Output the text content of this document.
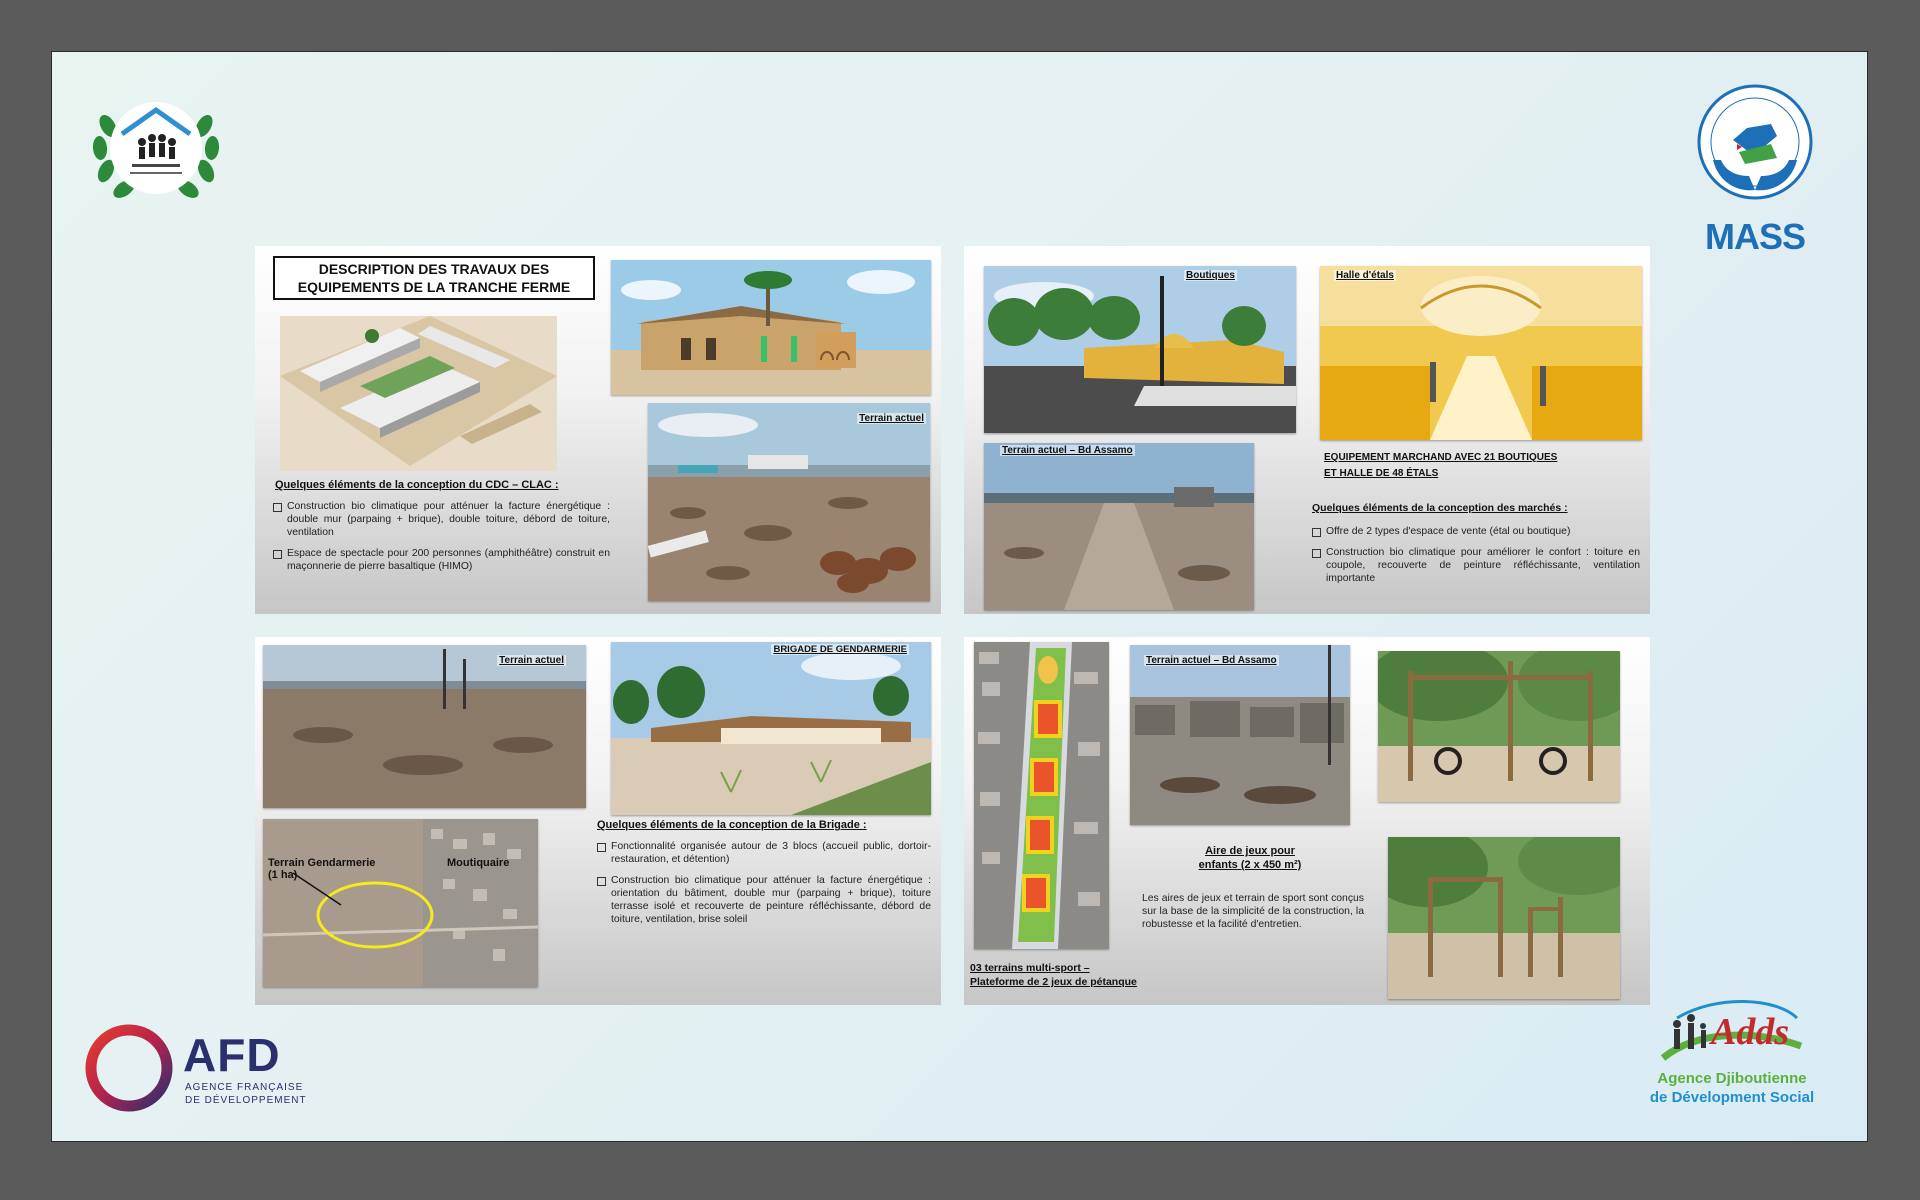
MASS
AFD
AGENCE FRANÇAISE
DE DÉVELOPPEMENT
Adds
Agence Djiboutienne
de Dévelopment Social
DESCRIPTION DES TRAVAUX DES
EQUIPEMENTS DE LA TRANCHE FERME
Terrain actuel
Quelques éléments de la conception du CDC – CLAC :
Construction bio climatique pour atténuer la facture énergétique : double mur (parpaing + brique), double toiture, débord de toiture, ventilation
Espace de spectacle pour 200 personnes (amphithéâtre) construit en maçonnerie de pierre basaltique (HIMO)
Boutiques	Halle d'étals
Terrain actuel – Bd Assamo
EQUIPEMENT MARCHAND AVEC 21 BOUTIQUES
ET HALLE DE 48 ÉTALS
Quelques éléments de la conception des marchés :
Offre de 2 types d'espace de vente (étal ou boutique)
Construction bio climatique pour améliorer le confort : toiture en coupole, recouverte de peinture réfléchissante, ventilation importante
Terrain actuel
BRIGADE DE GENDARMERIE
Terrain Gendarmerie
(1 ha)
Moutiquaire
Quelques éléments de la conception de la Brigade :
Fonctionnalité organisée autour de 3 blocs (accueil public, dortoir-restauration, et détention)
Construction bio climatique pour atténuer la facture énergétique : orientation du bâtiment, double mur (parpaing + brique), toiture terrasse isolé et recouverte de peinture réfléchissante, débord de toiture, ventilation, brise soleil
Terrain actuel – Bd Assamo
Aire de jeux pour
enfants (2 x 450 m²)
Les aires de jeux et terrain de sport sont conçus sur la base de la simplicité de la construction, la robustesse et la facilité d'entretien.
03 terrains multi-sport –
Plateforme de 2 jeux de pétanque
